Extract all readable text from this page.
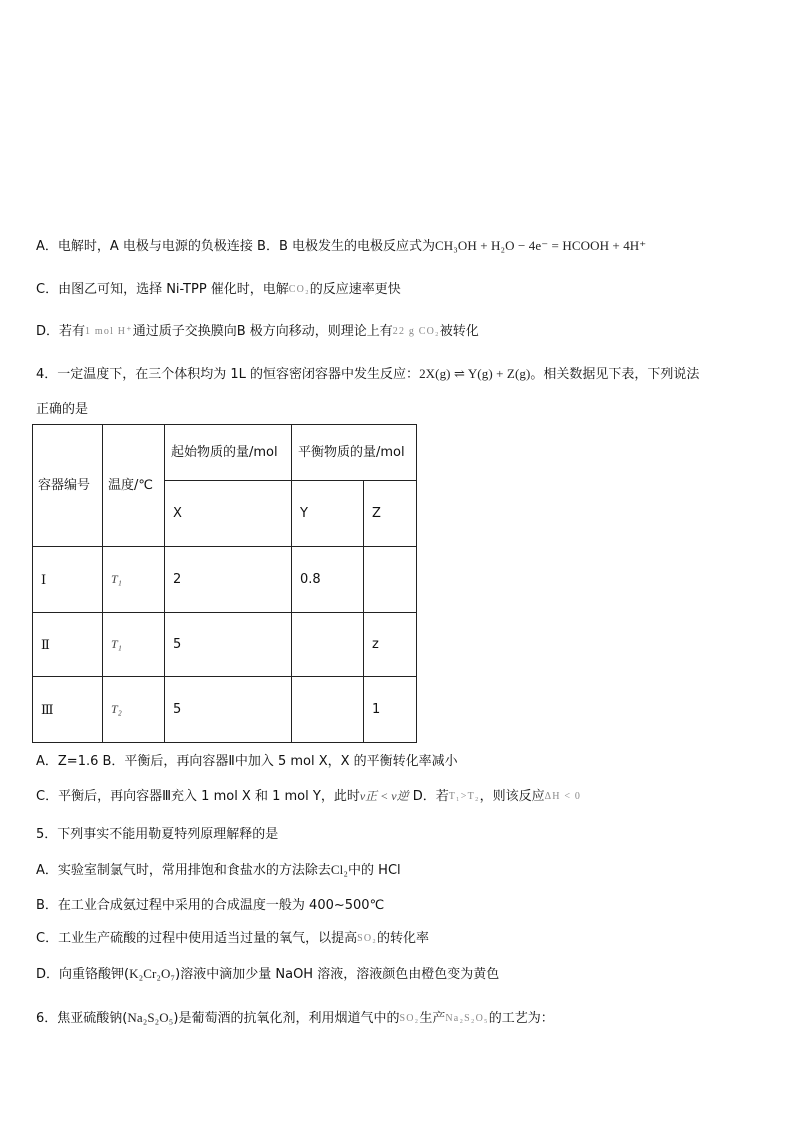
A．电解时，A 电极与电源的负极连接 B．B 电极发生的电极反应式为CH₃OH + H₂O − 4e⁻ = HCOOH + 4H⁺
C．由图乙可知，选择 Ni-TPP 催化时，电解CO₂的反应速率更快
D．若有1 mol H⁺通过质子交换膜向B 极方向移动，则理论上有22 g CO₂被转化
4．一定温度下，在三个体积均为 1L 的恒容密闭容器中发生反应：2X(g) ⇌ Y(g) + Z(g)。相关数据见下表，下列说法
正确的是
容器编号	温度/℃	起始物质的量/mol	平衡物质的量/mol	
		X	Y	Z
Ⅰ	T₁	2	0.8	
Ⅱ	T₁	5		z
Ⅲ	T₂	5		1
A．Z=1.6 B．平衡后，再向容器Ⅱ中加入 5 mol X，X 的平衡转化率减小
C．平衡后，再向容器Ⅲ充入 1 mol X 和 1 mol Y，此时v正 < v逆 D．若T₁>T₂，则该反应ΔH < 0
5．下列事实不能用勒夏特列原理解释的是
A．实验室制氯气时，常用排饱和食盐水的方法除去Cl₂中的 HCl
B．在工业合成氨过程中采用的合成温度一般为 400~500℃
C．工业生产硫酸的过程中使用适当过量的氧气，以提高SO₂的转化率
D．向重铬酸钾(K₂Cr₂O₇)溶液中滴加少量 NaOH 溶液，溶液颜色由橙色变为黄色
6．焦亚硫酸钠(Na₂S₂O₅)是葡萄酒的抗氧化剂，利用烟道气中的SO₂生产Na₂S₂O₅的工艺为：
